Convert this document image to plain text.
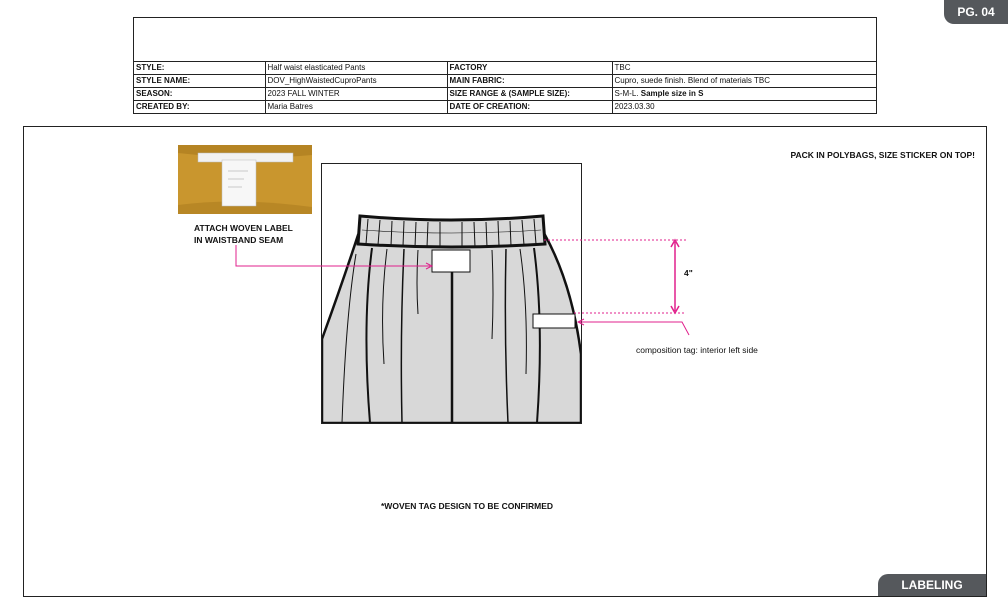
PG. 04
STYLE:	Half waist elasticated Pants	FACTORY	TBC
STYLE NAME:	DOV_HighWaistedCuproPants	MAIN FABRIC:	Cupro, suede finish. Blend of materials TBC
SEASON:	2023 FALL WINTER	SIZE RANGE & (SAMPLE SIZE):	S-M-L. Sample size in S
CREATED BY:	Maria Batres	DATE OF CREATION:	2023.03.30
ATTACH WOVEN LABEL
IN WAISTBAND SEAM
PACK IN POLYBAGS, SIZE STICKER ON TOP!
4"
composition tag: interior left side
*WOVEN TAG DESIGN TO BE CONFIRMED
LABELING
